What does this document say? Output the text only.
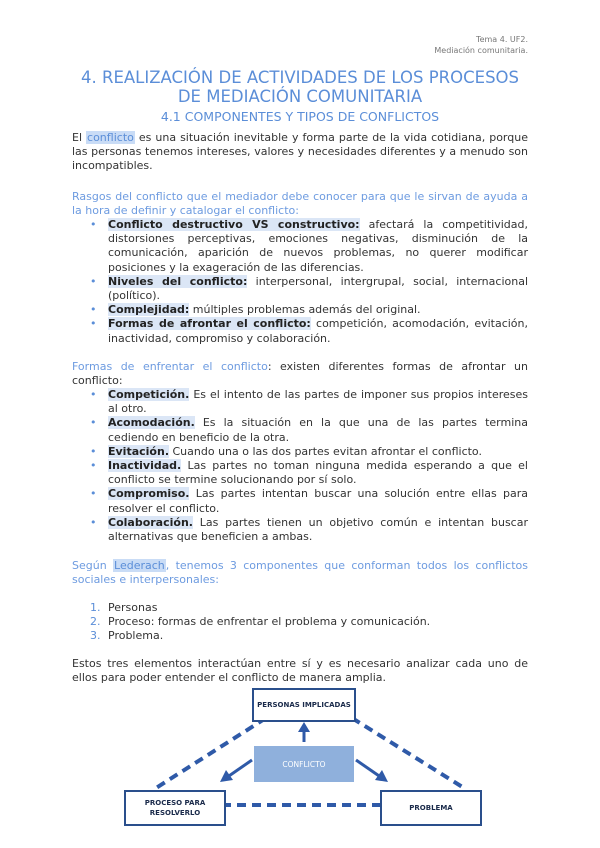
Tema 4. UF2.
Mediación comunitaria.
4. REALIZACIÓN DE ACTIVIDADES DE LOS PROCESOS
DE MEDIACIÓN COMUNITARIA
4.1 COMPONENTES Y TIPOS DE CONFLICTOS
El conflicto es una situación inevitable y forma parte de la vida cotidiana, porque las personas tenemos intereses, valores y necesidades diferentes y a menudo son incompatibles.
Rasgos del conflicto que el mediador debe conocer para que le sirvan de ayuda a la hora de definir y catalogar el conflicto:
• Conflicto destructivo VS constructivo: afectará la competitividad, distorsiones perceptivas, emociones negativas, disminución de la comunicación, aparición de nuevos problemas, no querer modificar posiciones y la exageración de las diferencias.
• Niveles del conflicto: interpersonal, intergrupal, social, internacional (político).
• Complejidad: múltiples problemas además del original.
• Formas de afrontar el conflicto: competición, acomodación, evitación, inactividad, compromiso y colaboración.
Formas de enfrentar el conflicto: existen diferentes formas de afrontar un conflicto:
• Competición. Es el intento de las partes de imponer sus propios intereses al otro.
• Acomodación. Es la situación en la que una de las partes termina cediendo en beneficio de la otra.
• Evitación. Cuando una o las dos partes evitan afrontar el conflicto.
• Inactividad. Las partes no toman ninguna medida esperando a que el conflicto se termine solucionando por sí solo.
• Compromiso. Las partes intentan buscar una solución entre ellas para resolver el conflicto.
• Colaboración. Las partes tienen un objetivo común e intentan buscar alternativas que beneficien a ambas.
Según Lederach, tenemos 3 componentes que conforman todos los conflictos sociales e interpersonales:
1. Personas
2. Proceso: formas de enfrentar el problema y comunicación.
3. Problema.
Estos tres elementos interactúan entre sí y es necesario analizar cada uno de ellos para poder entender el conflicto de manera amplia.
PERSONAS IMPLICADAS
CONFLICTO
PROCESO PARA RESOLVERLO
PROBLEMA
